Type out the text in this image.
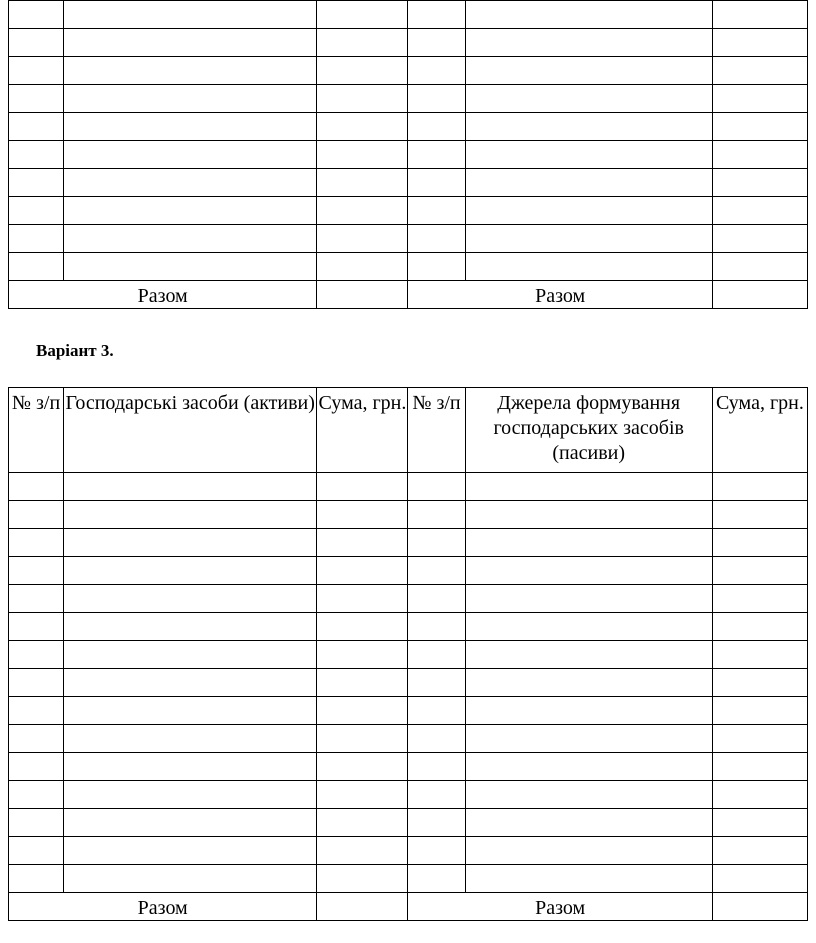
Разом			Разом		

Варіант 3.

№ з/п	Господарські засоби (активи)	Сума, грн.	№ з/п	Джерела формування господарських засобів (пасиви)	Сума, грн.

Разом			Разом		
